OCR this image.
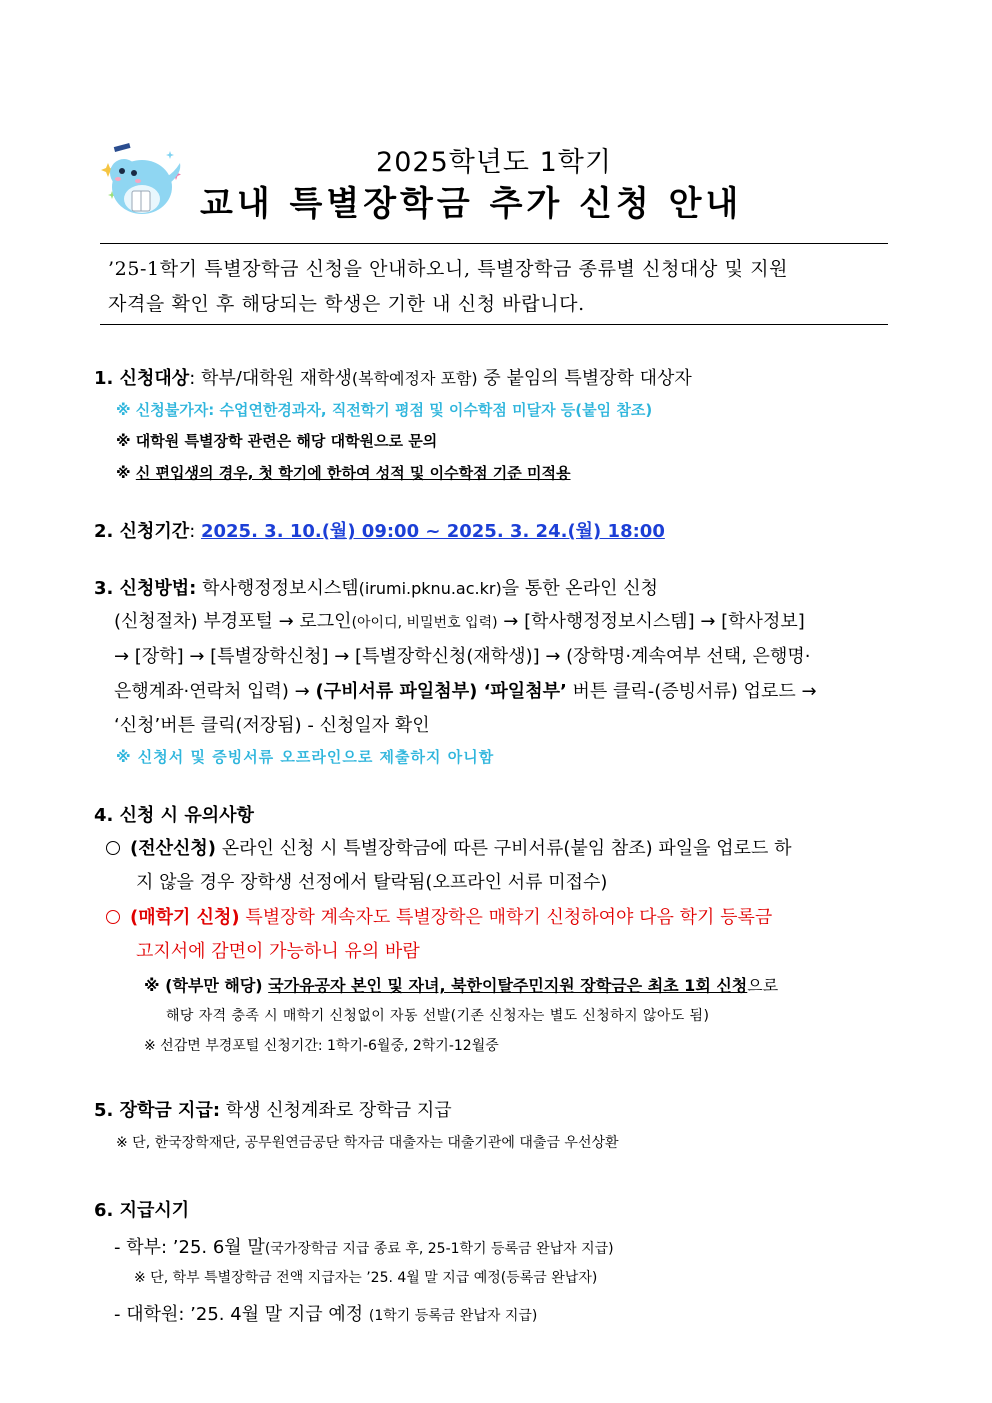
2025학년도 1학기
교내 특별장학금 추가 신청 안내
’25-1학기 특별장학금 신청을 안내하오니, 특별장학금 종류별 신청대상 및 지원
자격을 확인 후 해당되는 학생은 기한 내 신청 바랍니다.
1. 신청대상: 학부/대학원 재학생(복학예정자 포함) 중 붙임의 특별장학 대상자
※ 신청불가자: 수업연한경과자, 직전학기 평점 및 이수학점 미달자 등(붙임 참조)
※ 대학원 특별장학 관련은 해당 대학원으로 문의
※ 신 편입생의 경우, 첫 학기에 한하여 성적 및 이수학점 기준 미적용
2. 신청기간: 2025. 3. 10.(월) 09:00 ~ 2025. 3. 24.(월) 18:00
3. 신청방법: 학사행정정보시스템(irumi.pknu.ac.kr)을 통한 온라인 신청
(신청절차) 부경포털 → 로그인(아이디, 비밀번호 입력) → [학사행정정보시스템] → [학사정보]
→ [장학] → [특별장학신청] → [특별장학신청(재학생)] → (장학명·계속여부 선택, 은행명·
은행계좌·연락처 입력) → (구비서류 파일첨부) ‘파일첨부’ 버튼 클릭-(증빙서류) 업로드 →
‘신청’버튼 클릭(저장됨) - 신청일자 확인
※ 신청서 및 증빙서류 오프라인으로 제출하지 아니함
4. 신청 시 유의사항
(전산신청) 온라인 신청 시 특별장학금에 따른 구비서류(붙임 참조) 파일을 업로드 하
지 않을 경우 장학생 선정에서 탈락됨(오프라인 서류 미접수)
(매학기 신청) 특별장학 계속자도 특별장학은 매학기 신청하여야 다음 학기 등록금
고지서에 감면이 가능하니 유의 바람
※ (학부만 해당) 국가유공자 본인 및 자녀, 북한이탈주민지원 장학금은 최초 1회 신청으로
해당 자격 충족 시 매학기 신청없이 자동 선발(기존 신청자는 별도 신청하지 않아도 됨)
※ 선감면 부경포털 신청기간: 1학기-6월중, 2학기-12월중
5. 장학금 지급: 학생 신청계좌로 장학금 지급
※ 단, 한국장학재단, 공무원연금공단 학자금 대출자는 대출기관에 대출금 우선상환
6. 지급시기
- 학부: ’25. 6월 말(국가장학금 지급 종료 후, 25-1학기 등록금 완납자 지급)
※ 단, 학부 특별장학금 전액 지급자는 ’25. 4월 말 지급 예정(등록금 완납자)
- 대학원: ’25. 4월 말 지급 예정 (1학기 등록금 완납자 지급)
